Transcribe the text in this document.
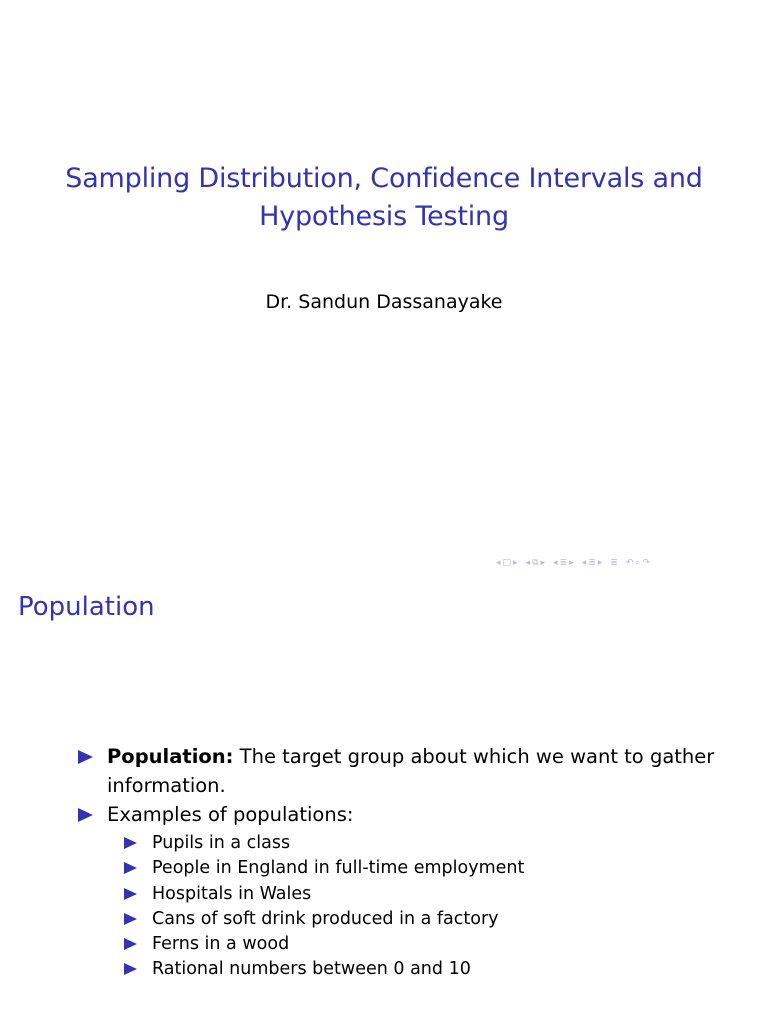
Sampling Distribution, Confidence Intervals and
Hypothesis Testing
Dr. Sandun Dassanayake
◂ □ ▸ ◂ ⧉ ▸ ◂ ≣ ▸ ◂ ≣ ▸ ≣ ↶ ⌕ ↷
Population
Population: The target group about which we want to gather information.
Examples of populations:
Pupils in a class
People in England in full-time employment
Hospitals in Wales
Cans of soft drink produced in a factory
Ferns in a wood
Rational numbers between 0 and 10
